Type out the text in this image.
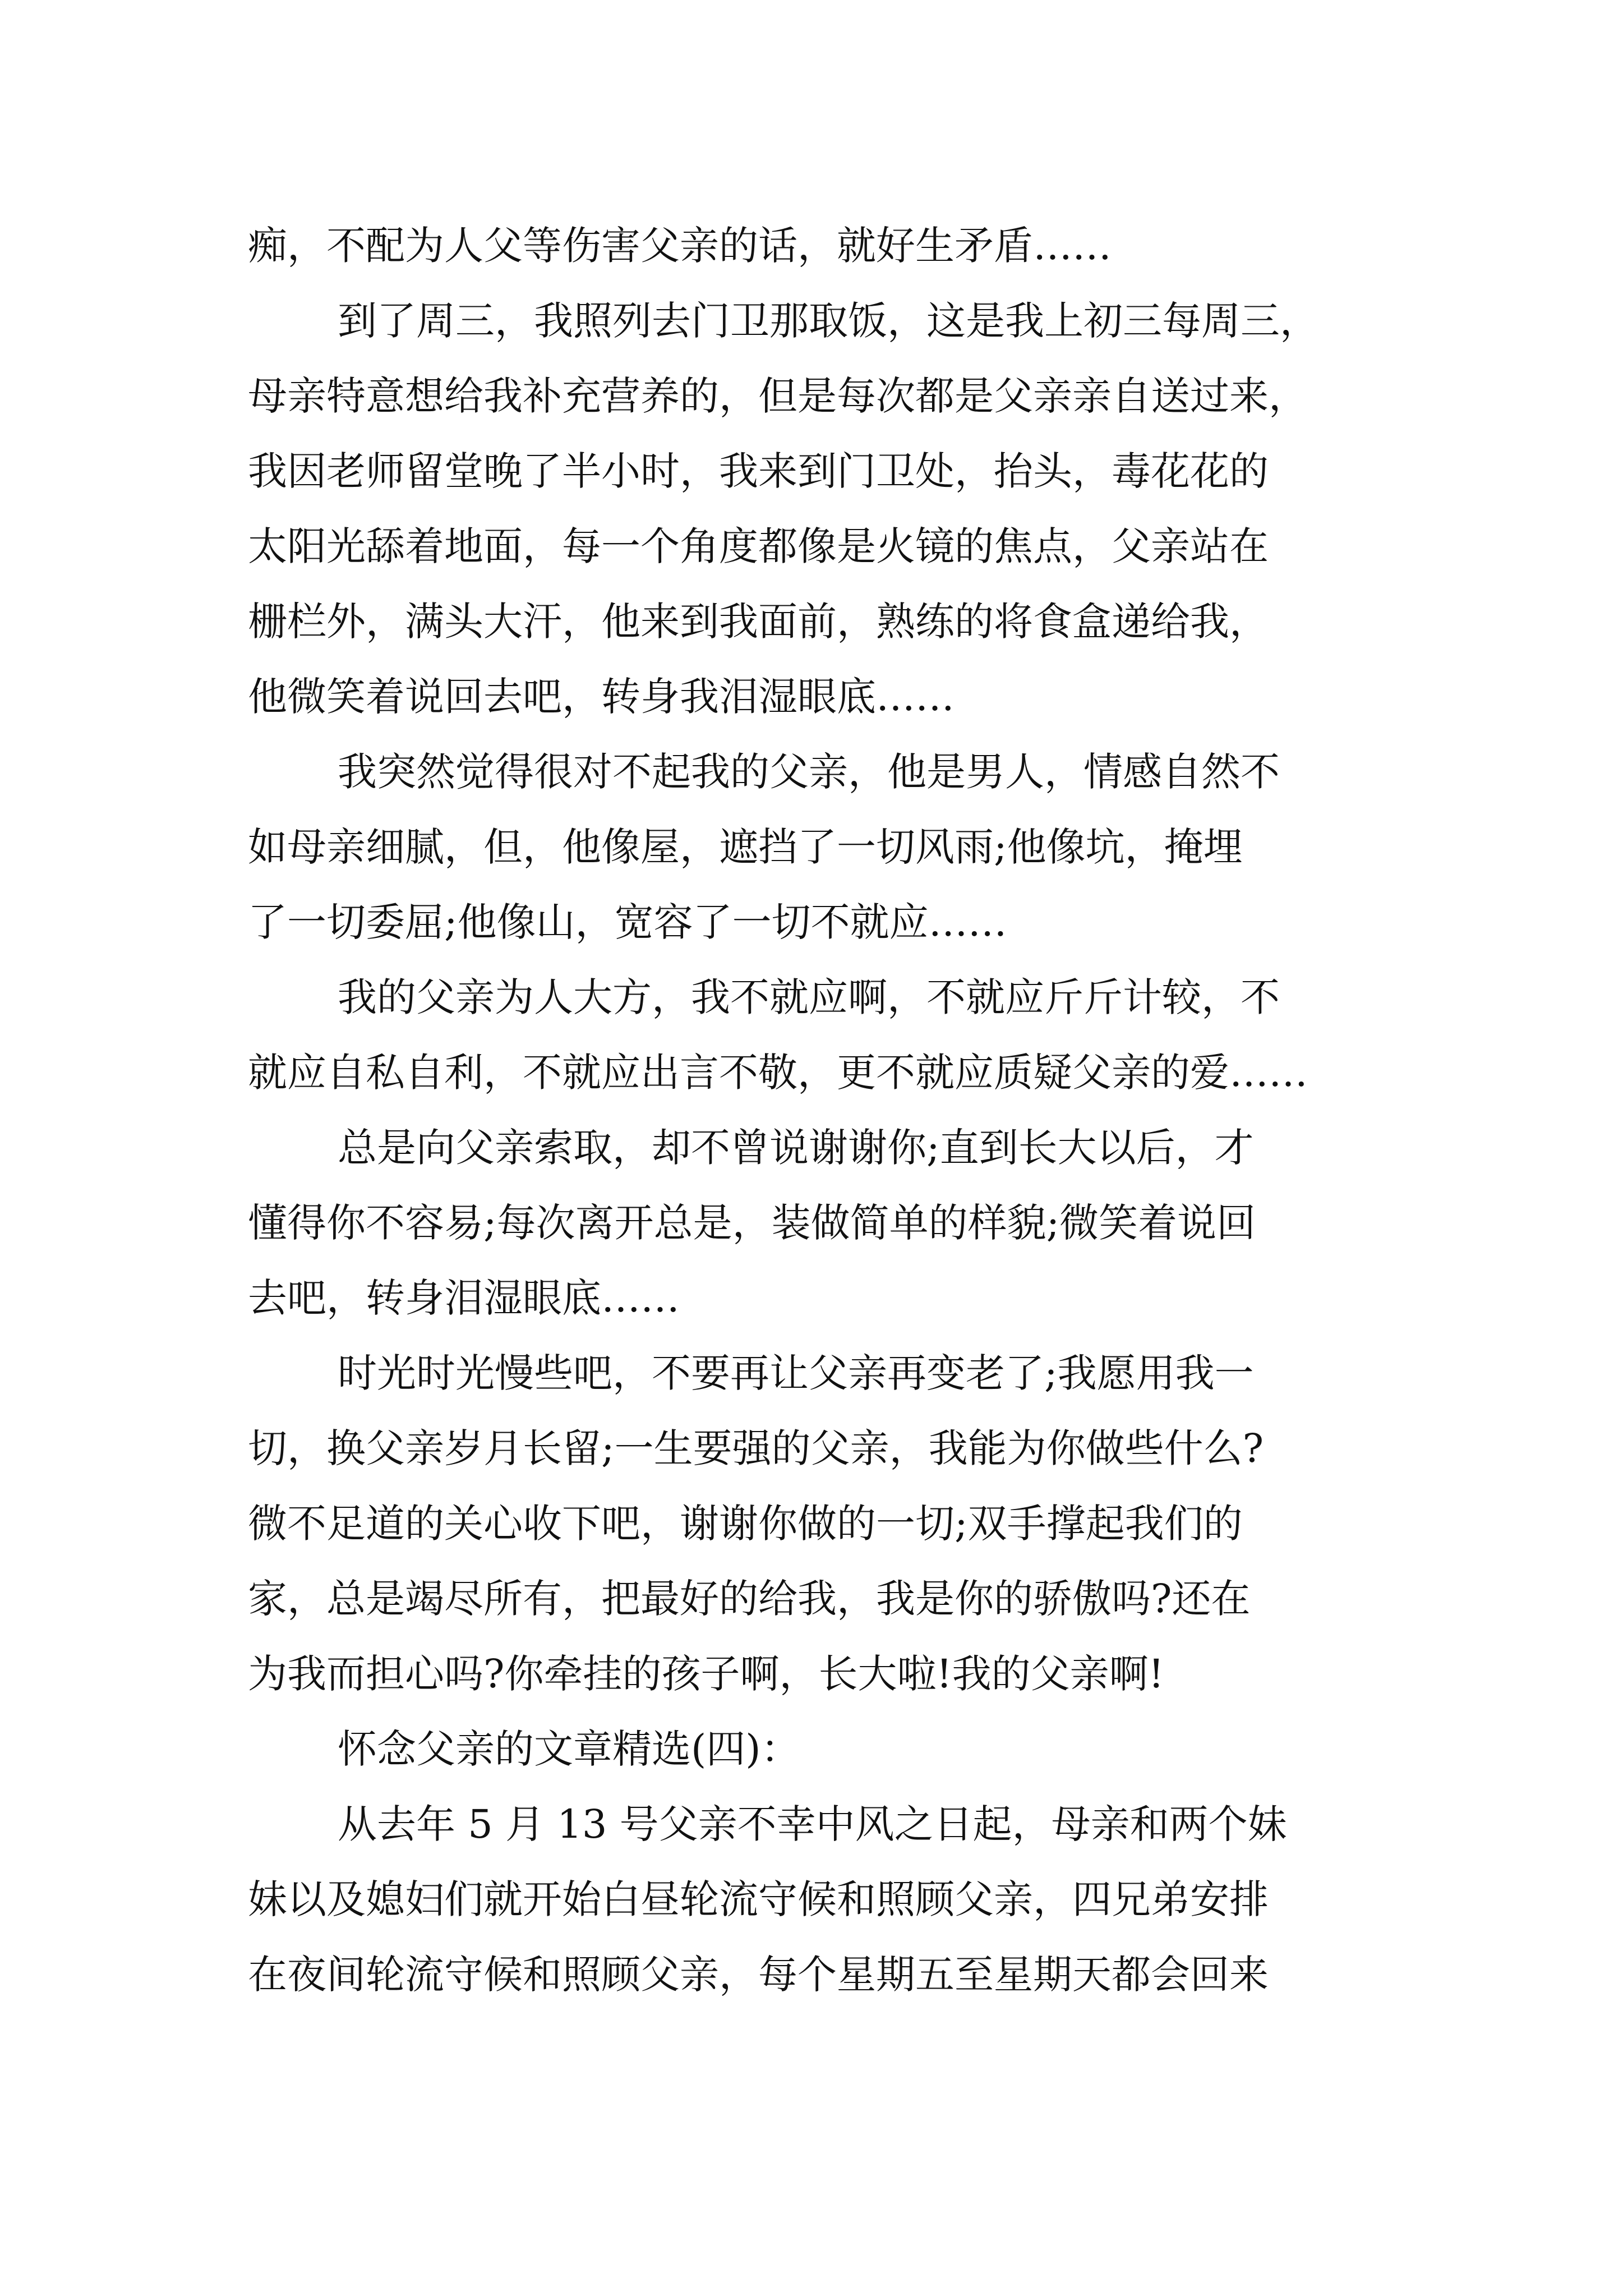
痴，不配为人父等伤害父亲的话，就好生矛盾……
到了周三，我照列去门卫那取饭，这是我上初三每周三，
母亲特意想给我补充营养的，但是每次都是父亲亲自送过来，
我因老师留堂晚了半小时，我来到门卫处，抬头，毒花花的
太阳光舔着地面，每一个角度都像是火镜的焦点，父亲站在
栅栏外，满头大汗，他来到我面前，熟练的将食盒递给我，
他微笑着说回去吧，转身我泪湿眼底……
我突然觉得很对不起我的父亲，他是男人，情感自然不
如母亲细腻，但，他像屋，遮挡了一切风雨;他像坑，掩埋
了一切委屈;他像山，宽容了一切不就应……
我的父亲为人大方，我不就应啊，不就应斤斤计较，不
就应自私自利，不就应出言不敬，更不就应质疑父亲的爱……
总是向父亲索取，却不曾说谢谢你;直到长大以后，才
懂得你不容易;每次离开总是，装做简单的样貌;微笑着说回
去吧，转身泪湿眼底……
时光时光慢些吧，不要再让父亲再变老了;我愿用我一
切，换父亲岁月长留;一生要强的父亲，我能为你做些什么?
微不足道的关心收下吧，谢谢你做的一切;双手撑起我们的
家，总是竭尽所有，把最好的给我，我是你的骄傲吗?还在
为我而担心吗?你牵挂的孩子啊，长大啦!我的父亲啊!
怀念父亲的文章精选(四)：
从去年 5 月 13 号父亲不幸中风之日起，母亲和两个妹
妹以及媳妇们就开始白昼轮流守候和照顾父亲，四兄弟安排
在夜间轮流守候和照顾父亲，每个星期五至星期天都会回来
